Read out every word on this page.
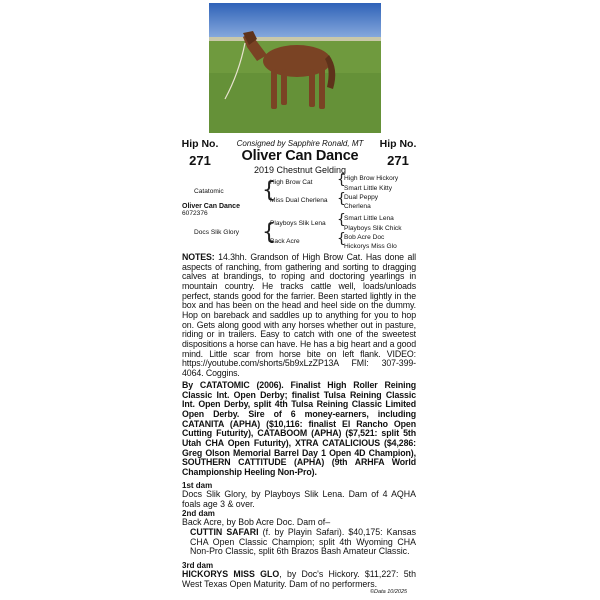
Hip No.
271
Hip No.
271
Consigned by Sapphire Ronald, MT
Oliver Can Dance
2019 Chestnut Gelding
Catatomic
Oliver Can Dance
6072376
Docs Slik Glory
{
High Brow Cat
Miss Dual Cherlena
{
Playboys Slik Lena
Back Acre
{
High Brow Hickory
Smart Little Kitty
{
Dual Peppy
Cherlena
{
Smart Little Lena
Playboys Slik Chick
{
Bob Acre Doc
Hickorys Miss Glo
NOTES: 14.3hh. Grandson of High Brow Cat. Has done all aspects of ranching, from gathering and sorting to dragging calves at brandings, to roping and doctoring yearlings in mountain country. He tracks cattle well, loads/unloads perfect, stands good for the farrier. Been started lightly in the box and has been on the head and heel side on the dummy. Hop on bareback and saddles up to anything for you to hop on. Gets along good with any horses whether out in pasture, riding or in trailers. Easy to catch with one of the sweetest dispositions a horse can have. He has a big heart and a good mind. Little scar from horse bite on left flank. VIDEO: https://youtube.com/shorts/5b9xLzZP13A FMI: 307-399-4064. Coggins.
By CATATOMIC (2006). Finalist High Roller Reining Classic Int. Open Derby; finalist Tulsa Reining Classic Int. Open Derby, split 4th Tulsa Reining Classic Limited Open Derby. Sire of 6 money-earners, including CATANITA (APHA) ($10,116: finalist El Rancho Open Cutting Futurity), CATABOOM (APHA) ($7,521: split 5th Utah CHA Open Futurity), XTRA CATALICIOUS ($4,286: Greg Olson Memorial Barrel Day 1 Open 4D Champion), SOUTHERN CATTITUDE (APHA) (9th ARHFA World Championship Heeling Non-Pro).
1st dam
Docs Slik Glory, by Playboys Slik Lena. Dam of 4 AQHA foals age 3 & over.
2nd dam
Back Acre, by Bob Acre Doc. Dam of–
CUTTIN SAFARI (f. by Playin Safari). $40,175: Kansas CHA Open Classic Champion; split 4th Wyoming CHA Non-Pro Classic, split 6th Brazos Bash Amateur Classic.
3rd dam
HICKORYS MISS GLO, by Doc's Hickory. $11,227: 5th West Texas Open Maturity. Dam of no performers.
©Data 10/2025
